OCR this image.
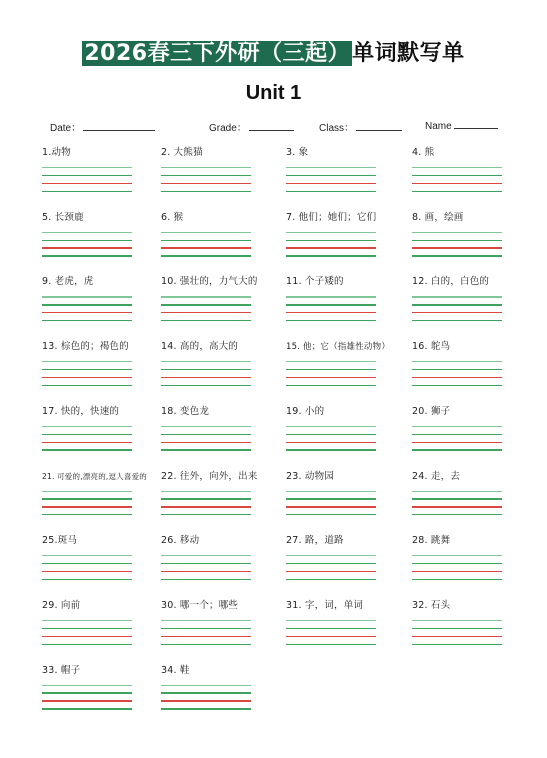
2026春三下外研（三起）单词默写单
Unit 1
Date：	Grade：	Class：	Name
1.动物	2. 大熊猫	3. 象	4. 熊
5. 长颈鹿	6. 猴	7. 他们；她们；它们	8. 画，绘画
9. 老虎，虎	10. 强壮的，力气大的	11. 个子矮的	12. 白的，白色的
13. 棕色的；褐色的	14. 高的，高大的	15. 他；它（指雄性动物） 16. 鸵鸟
17. 快的，快速的	18. 变色龙	19. 小的	20. 狮子
21. 可爱的,漂亮的,逗人喜爱的 22. 往外，向外，出来	23. 动物园	24. 走，去
25.斑马	26. 移动	27. 路，道路	28. 跳舞
29. 向前	30. 哪一个；哪些	31. 字，词，单词	32. 石头
33. 帽子	34. 鞋
